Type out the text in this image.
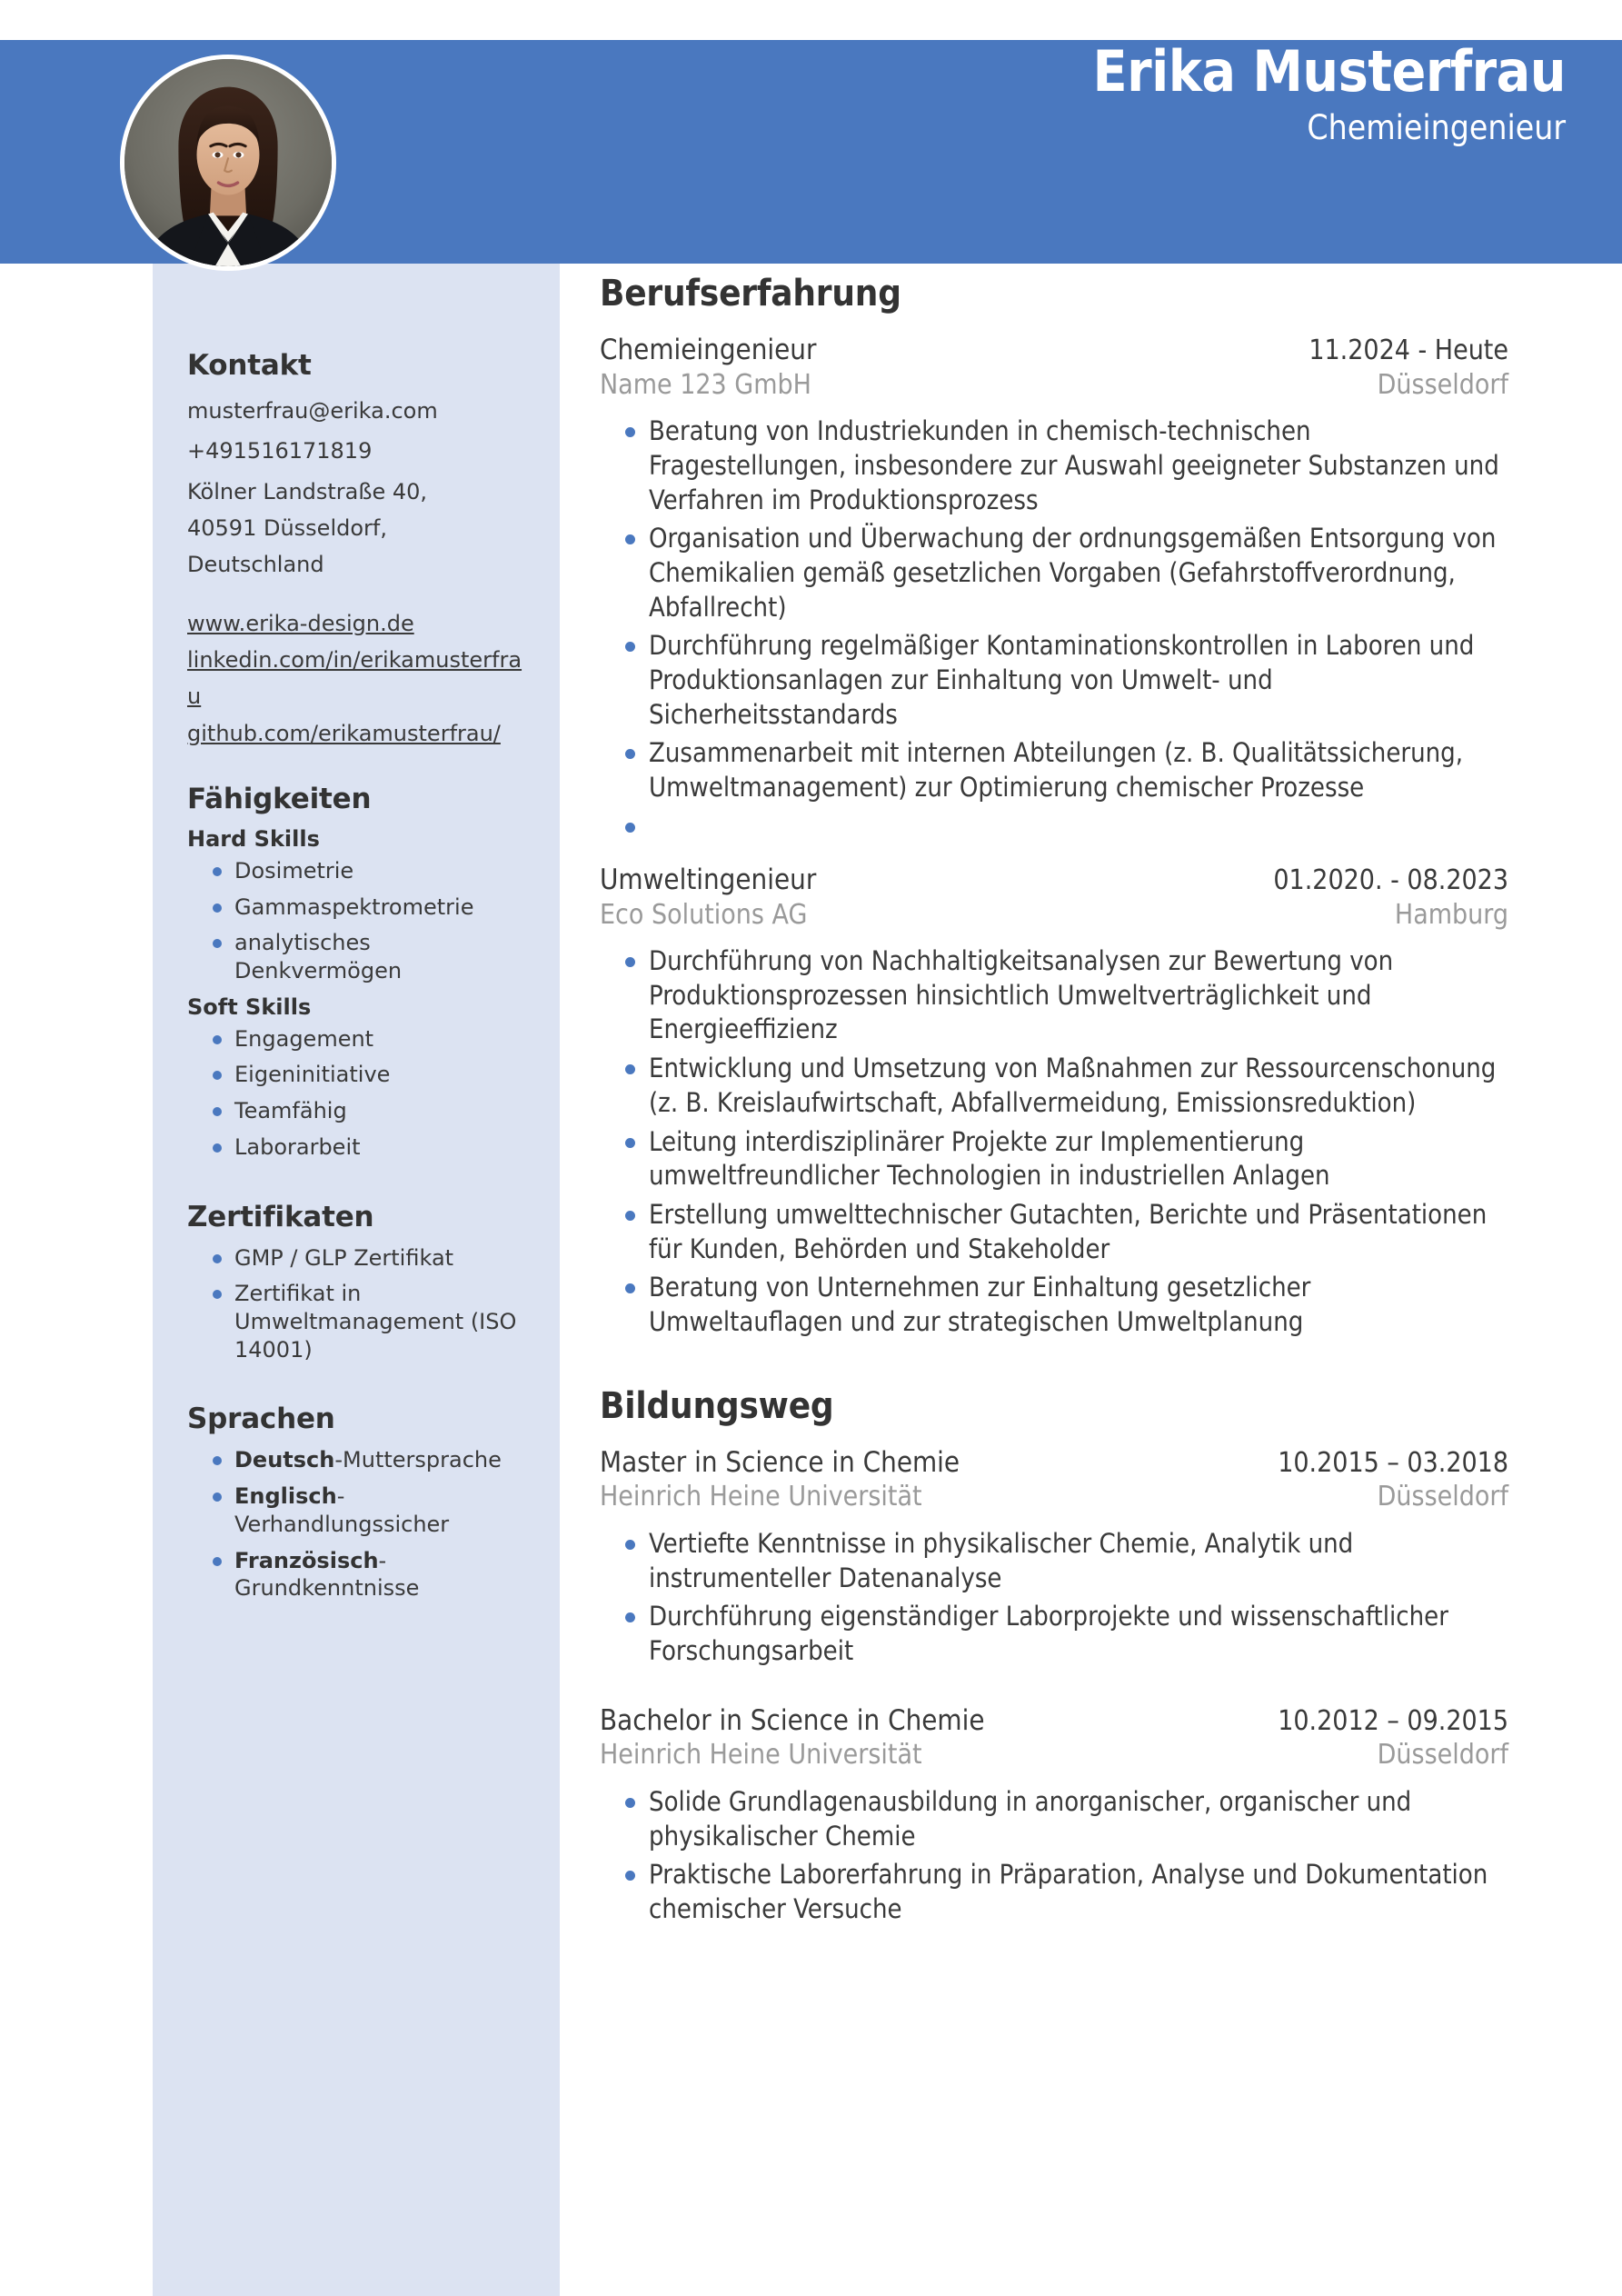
Erika Musterfrau
Chemieingenieur
Kontakt
musterfrau@erika.com
+491516171819
Kölner Landstraße 40,
40591 Düsseldorf,
Deutschland
www.erika-design.de
linkedin.com/in/erikamusterfrau
github.com/erikamusterfrau/
Fähigkeiten
Hard Skills
Dosimetrie
Gammaspektrometrie
analytisches Denkvermögen
Soft Skills
Engagement
Eigeninitiative
Teamfähig
Laborarbeit
Zertifikaten
GMP / GLP Zertifikat
Zertifikat in Umweltmanagement (ISO 14001)
Sprachen
Deutsch-Muttersprache
Englisch-Verhandlungssicher
Französisch-Grundkenntnisse
Berufserfahrung
Chemieingenieur	11.2024 - Heute
Name 123 GmbH	Düsseldorf
Beratung von Industriekunden in chemisch-technischen Fragestellungen, insbesondere zur Auswahl geeigneter Substanzen und Verfahren im Produktionsprozess
Organisation und Überwachung der ordnungsgemäßen Entsorgung von Chemikalien gemäß gesetzlichen Vorgaben (Gefahrstoffverordnung, Abfallrecht)
Durchführung regelmäßiger Kontaminationskontrollen in Laboren und Produktionsanlagen zur Einhaltung von Umwelt- und Sicherheitsstandards
Zusammenarbeit mit internen Abteilungen (z. B. Qualitätssicherung, Umweltmanagement) zur Optimierung chemischer Prozesse
Umweltingenieur	01.2020. - 08.2023
Eco Solutions AG	Hamburg
Durchführung von Nachhaltigkeitsanalysen zur Bewertung von Produktionsprozessen hinsichtlich Umweltverträglichkeit und Energieeffizienz
Entwicklung und Umsetzung von Maßnahmen zur Ressourcenschonung (z. B. Kreislaufwirtschaft, Abfallvermeidung, Emissionsreduktion)
Leitung interdisziplinärer Projekte zur Implementierung umweltfreundlicher Technologien in industriellen Anlagen
Erstellung umwelttechnischer Gutachten, Berichte und Präsentationen für Kunden, Behörden und Stakeholder
Beratung von Unternehmen zur Einhaltung gesetzlicher Umweltauflagen und zur strategischen Umweltplanung
Bildungsweg
Master in Science in Chemie	10.2015 – 03.2018
Heinrich Heine Universität	Düsseldorf
Vertiefte Kenntnisse in physikalischer Chemie, Analytik und instrumenteller Datenanalyse
Durchführung eigenständiger Laborprojekte und wissenschaftlicher Forschungsarbeit
Bachelor in Science in Chemie	10.2012 – 09.2015
Heinrich Heine Universität	Düsseldorf
Solide Grundlagenausbildung in anorganischer, organischer und physikalischer Chemie
Praktische Laborerfahrung in Präparation, Analyse und Dokumentation chemischer Versuche
